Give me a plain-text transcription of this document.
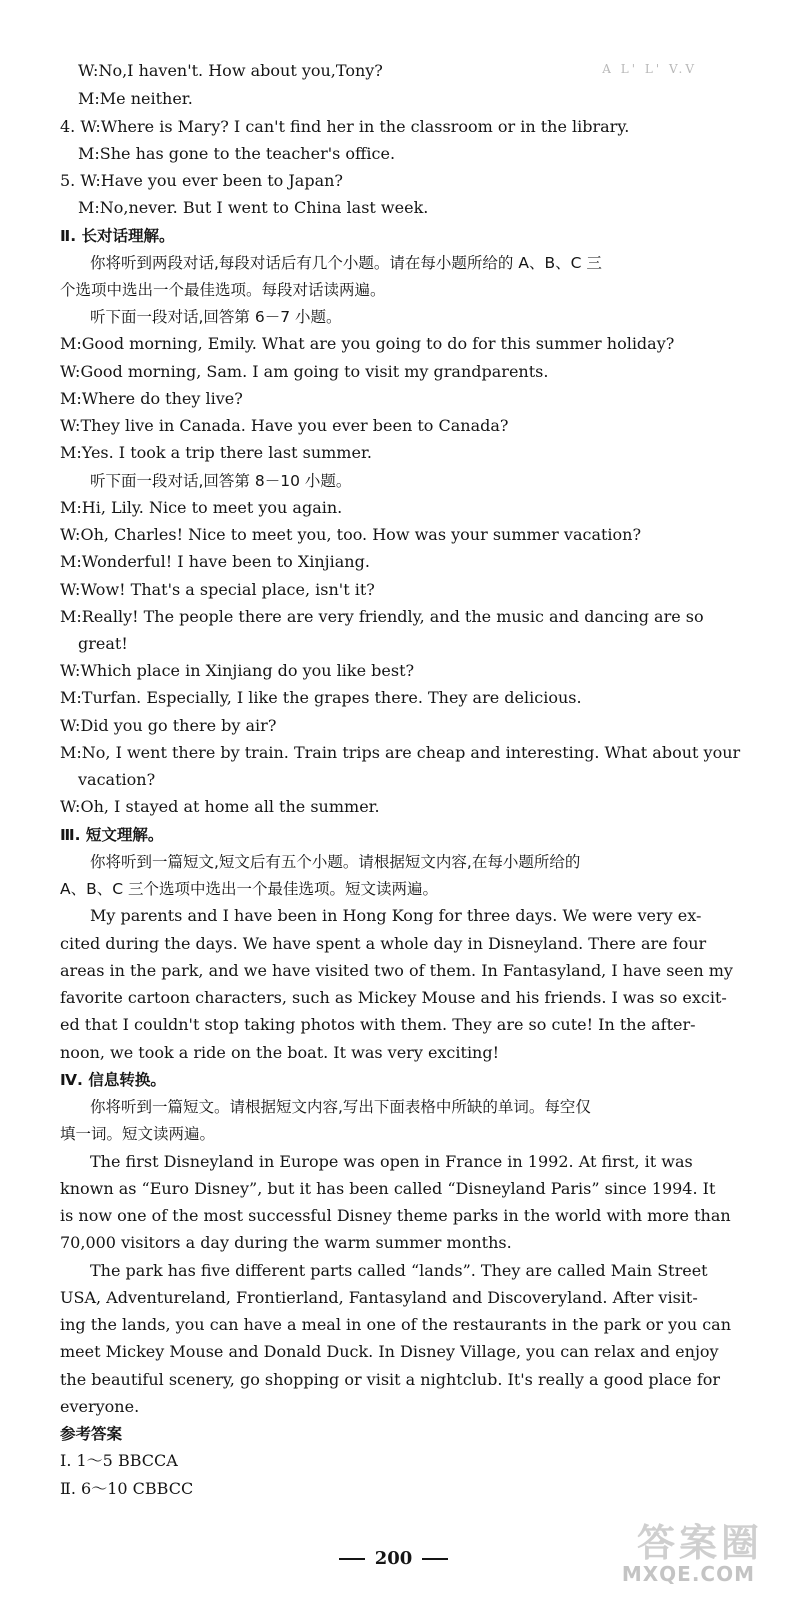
A L' L' V.V
W:No,I haven't. How about you,Tony?
M:Me neither.
4. W:Where is Mary? I can't find her in the classroom or in the library.
M:She has gone to the teacher's office.
5. W:Have you ever been to Japan?
M:No,never. But I went to China last week.
Ⅱ. 长对话理解。
你将听到两段对话,每段对话后有几个小题。请在每小题所给的 A、B、C 三
个选项中选出一个最佳选项。每段对话读两遍。
听下面一段对话,回答第 6－7 小题。
M:Good morning, Emily. What are you going to do for this summer holiday?
W:Good morning, Sam. I am going to visit my grandparents.
M:Where do they live?
W:They live in Canada. Have you ever been to Canada?
M:Yes. I took a trip there last summer.
听下面一段对话,回答第 8－10 小题。
M:Hi, Lily. Nice to meet you again.
W:Oh, Charles! Nice to meet you, too. How was your summer vacation?
M:Wonderful! I have been to Xinjiang.
W:Wow! That's a special place, isn't it?
M:Really! The people there are very friendly, and the music and dancing are so
great!
W:Which place in Xinjiang do you like best?
M:Turfan. Especially, I like the grapes there. They are delicious.
W:Did you go there by air?
M:No, I went there by train. Train trips are cheap and interesting. What about your
vacation?
W:Oh, I stayed at home all the summer.
Ⅲ. 短文理解。
你将听到一篇短文,短文后有五个小题。请根据短文内容,在每小题所给的
A、B、C 三个选项中选出一个最佳选项。短文读两遍。
My parents and I have been in Hong Kong for three days. We were very ex-
cited during the days. We have spent a whole day in Disneyland. There are four
areas in the park, and we have visited two of them. In Fantasyland, I have seen my
favorite cartoon characters, such as Mickey Mouse and his friends. I was so excit-
ed that I couldn't stop taking photos with them. They are so cute! In the after-
noon, we took a ride on the boat. It was very exciting!
Ⅳ. 信息转换。
你将听到一篇短文。请根据短文内容,写出下面表格中所缺的单词。每空仅
填一词。短文读两遍。
The first Disneyland in Europe was open in France in 1992. At first, it was
known as “Euro Disney”, but it has been called “Disneyland Paris” since 1994. It
is now one of the most successful Disney theme parks in the world with more than
70,000 visitors a day during the warm summer months.
The park has five different parts called “lands”. They are called Main Street
USA, Adventureland, Frontierland, Fantasyland and Discoveryland. After visit-
ing the lands, you can have a meal in one of the restaurants in the park or you can
meet Mickey Mouse and Donald Duck. In Disney Village, you can relax and enjoy
the beautiful scenery, go shopping or visit a nightclub. It's really a good place for
everyone.
参考答案
Ⅰ. 1～5 BBCCA
Ⅱ. 6～10 CBBCC
200	答案圈
MXQE.COM
